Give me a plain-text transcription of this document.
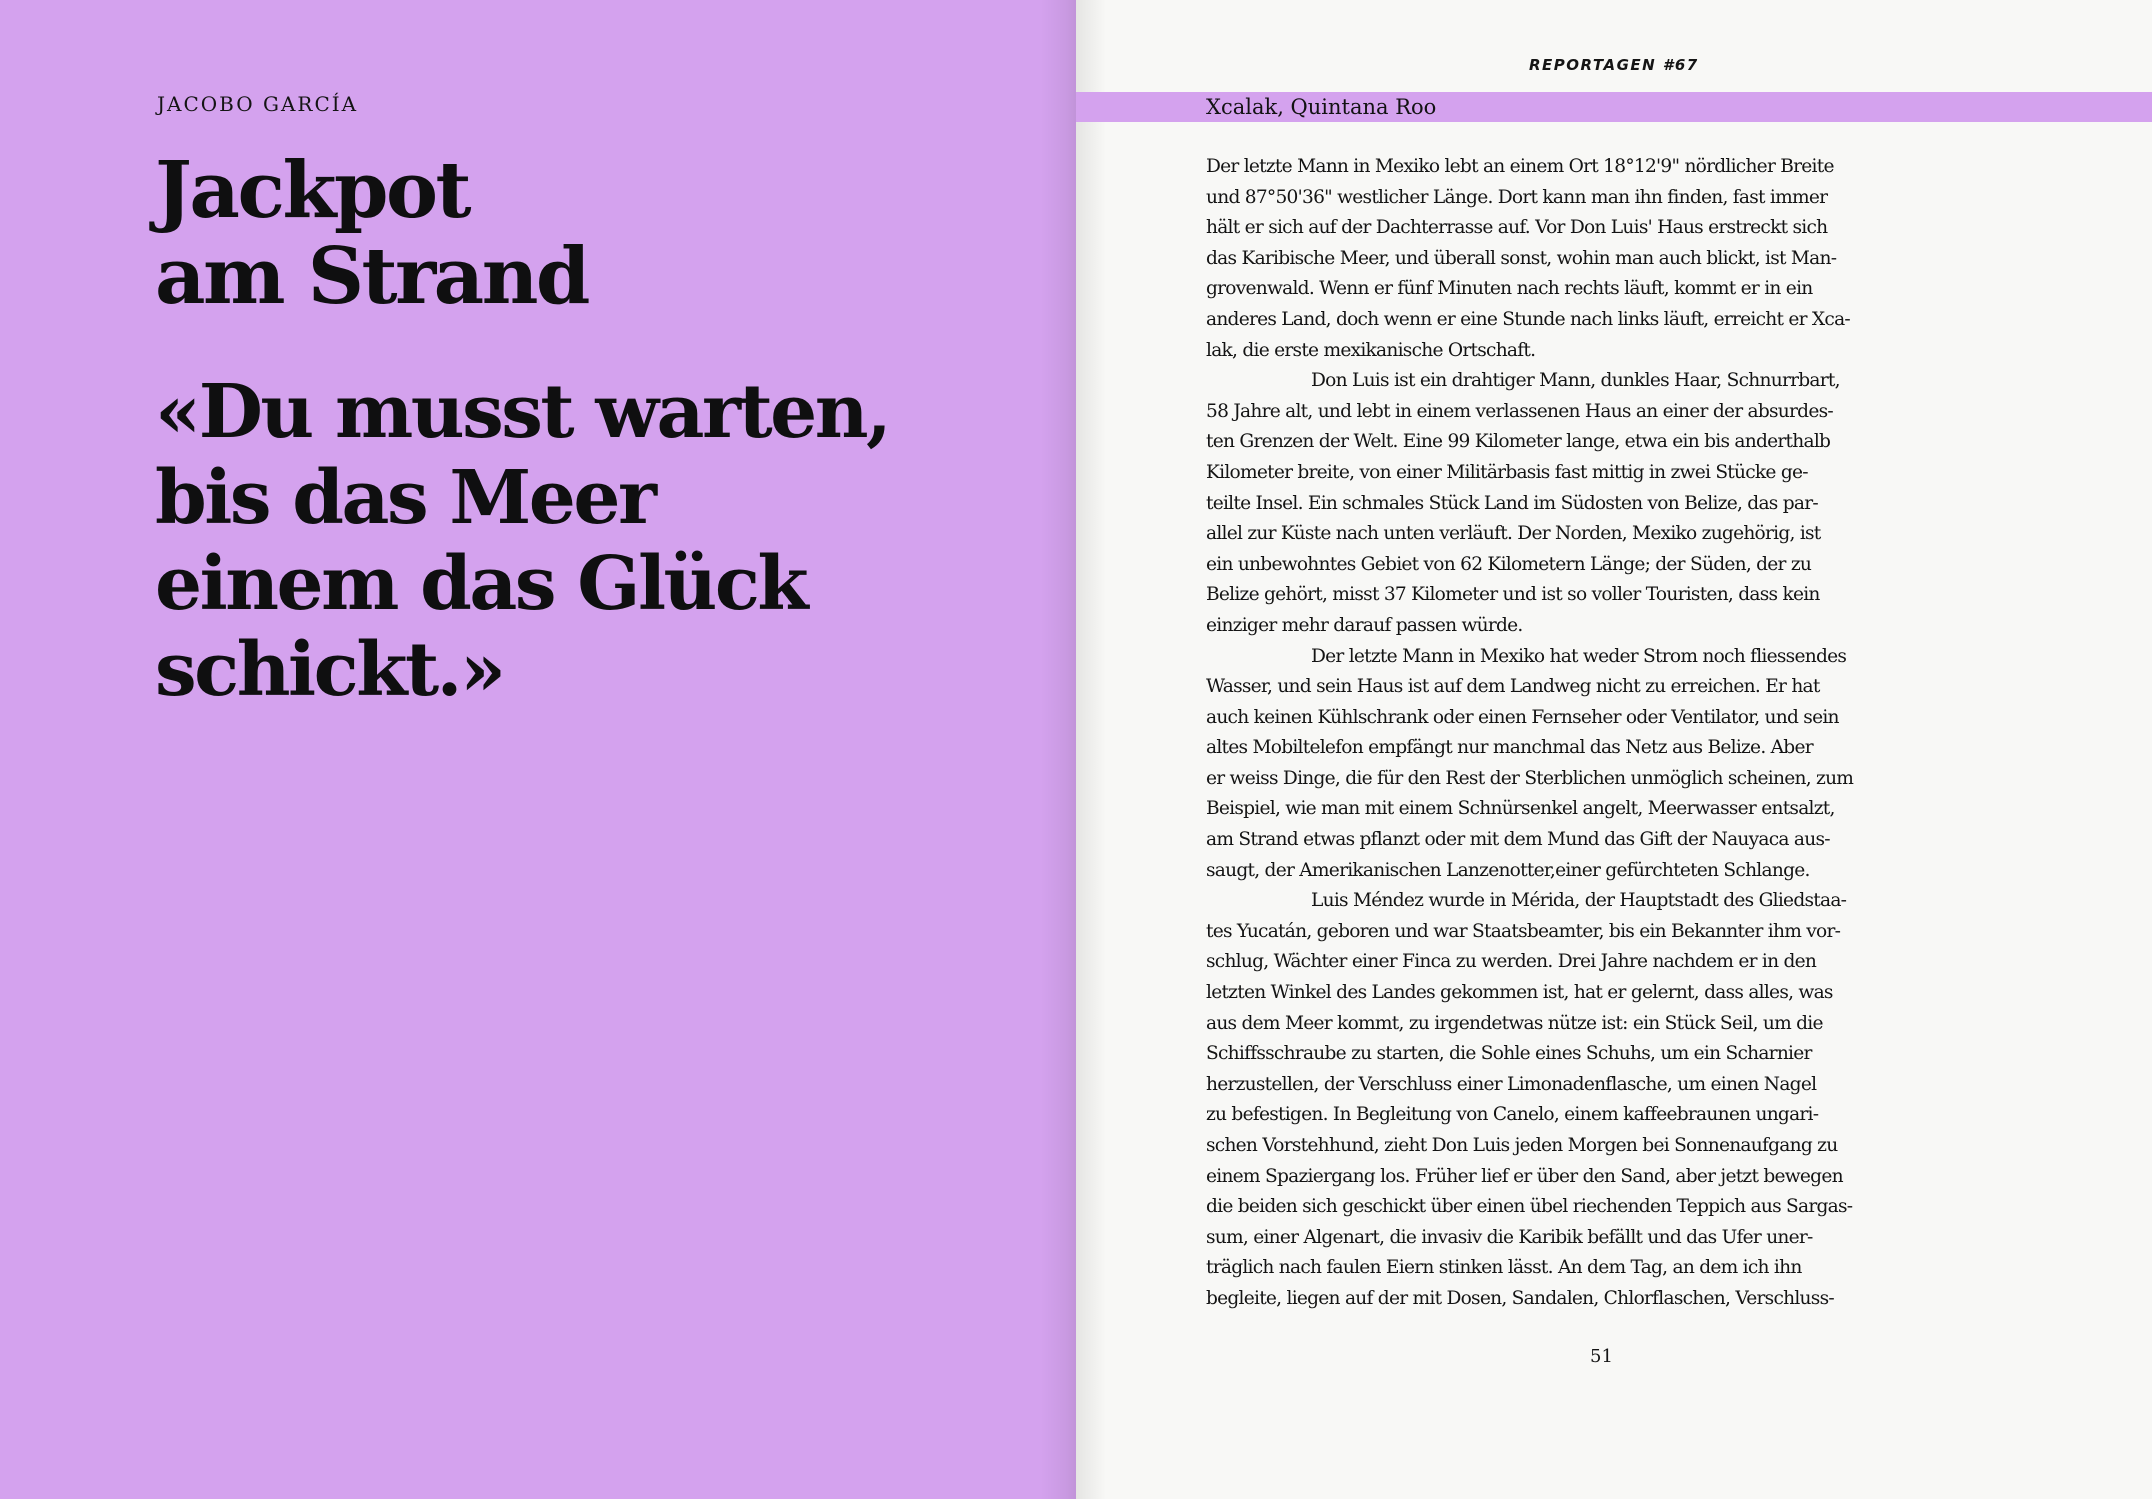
JACOBO GARCÍA
Jackpot
am Strand
«Du musst warten,
bis das Meer
einem das Glück
schickt.»
REPORTAGEN #67
Xcalak, Quintana Roo
Der letzte Mann in Mexiko lebt an einem Ort 18°12'9" nördlicher Breite
und 87°50'36" westlicher Länge. Dort kann man ihn finden, fast immer
hält er sich auf der Dachterrasse auf. Vor Don Luis' Haus erstreckt sich
das Karibische Meer, und überall sonst, wohin man auch blickt, ist Man-
grovenwald. Wenn er fünf Minuten nach rechts läuft, kommt er in ein
anderes Land, doch wenn er eine Stunde nach links läuft, erreicht er Xca-
lak, die erste mexikanische Ortschaft.
Don Luis ist ein drahtiger Mann, dunkles Haar, Schnurrbart,
58 Jahre alt, und lebt in einem verlassenen Haus an einer der absurdes-
ten Grenzen der Welt. Eine 99 Kilometer lange, etwa ein bis anderthalb
Kilometer breite, von einer Militärbasis fast mittig in zwei Stücke ge-
teilte Insel. Ein schmales Stück Land im Südosten von Belize, das par-
allel zur Küste nach unten verläuft. Der Norden, Mexiko zugehörig, ist
ein unbewohntes Gebiet von 62 Kilometern Länge; der Süden, der zu
Belize gehört, misst 37 Kilometer und ist so voller Touristen, dass kein
einziger mehr darauf passen würde.
Der letzte Mann in Mexiko hat weder Strom noch fliessendes
Wasser, und sein Haus ist auf dem Landweg nicht zu erreichen. Er hat
auch keinen Kühlschrank oder einen Fernseher oder Ventilator, und sein
altes Mobiltelefon empfängt nur manchmal das Netz aus Belize. Aber
er weiss Dinge, die für den Rest der Sterblichen unmöglich scheinen, zum
Beispiel, wie man mit einem Schnürsenkel angelt, Meerwasser entsalzt,
am Strand etwas pflanzt oder mit dem Mund das Gift der Nauyaca aus-
saugt, der Amerikanischen Lanzenotter,einer gefürchteten Schlange.
Luis Méndez wurde in Mérida, der Hauptstadt des Gliedstaa-
tes Yucatán, geboren und war Staatsbeamter, bis ein Bekannter ihm vor-
schlug, Wächter einer Finca zu werden. Drei Jahre nachdem er in den
letzten Winkel des Landes gekommen ist, hat er gelernt, dass alles, was
aus dem Meer kommt, zu irgendetwas nütze ist: ein Stück Seil, um die
Schiffsschraube zu starten, die Sohle eines Schuhs, um ein Scharnier
herzustellen, der Verschluss einer Limonadenflasche, um einen Nagel
zu befestigen. In Begleitung von Canelo, einem kaffeebraunen ungari-
schen Vorstehhund, zieht Don Luis jeden Morgen bei Sonnenaufgang zu
einem Spaziergang los. Früher lief er über den Sand, aber jetzt bewegen
die beiden sich geschickt über einen übel riechenden Teppich aus Sargas-
sum, einer Algenart, die invasiv die Karibik befällt und das Ufer uner-
träglich nach faulen Eiern stinken lässt. An dem Tag, an dem ich ihn
begleite, liegen auf der mit Dosen, Sandalen, Chlorflaschen, Verschluss-
51
